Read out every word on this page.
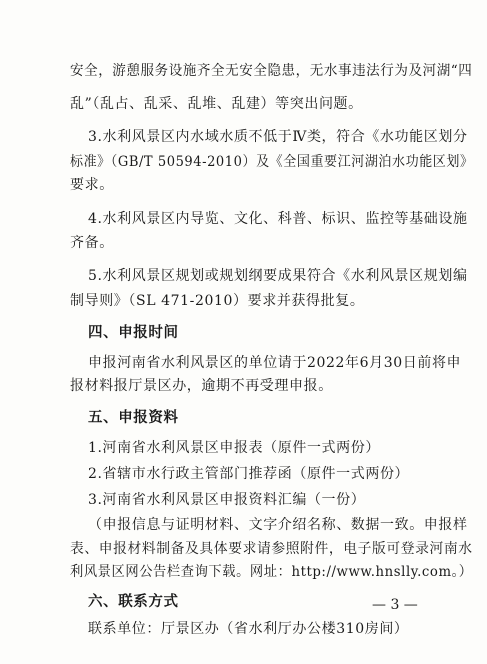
安全，游憩服务设施齐全无安全隐患，无水事违法行为及河湖“四
乱”（乱占、乱采、乱堆、乱建）等突出问题。
3.水利风景区内水域水质不低于Ⅳ类，符合《水功能区划分
标准》（GB/T 50594-2010）及《全国重要江河湖泊水功能区划》
要求。
4.水利风景区内导览、文化、科普、标识、监控等基础设施
齐备。
5.水利风景区规划或规划纲要成果符合《水利风景区规划编
制导则》（SL 471-2010）要求并获得批复。
四、申报时间
申报河南省水利风景区的单位请于2022年6月30日前将申
报材料报厅景区办，逾期不再受理申报。
五、申报资料
1.河南省水利风景区申报表（原件一式两份）
2.省辖市水行政主管部门推荐函（原件一式两份）
3.河南省水利风景区申报资料汇编（一份）
（申报信息与证明材料、文字介绍名称、数据一致。申报样
表、申报材料制备及具体要求请参照附件，电子版可登录河南水
利风景区网公告栏查询下载。网址：http://www.hnslly.com。）
六、联系方式
联系单位：厅景区办（省水利厅办公楼310房间）
— 3 —
